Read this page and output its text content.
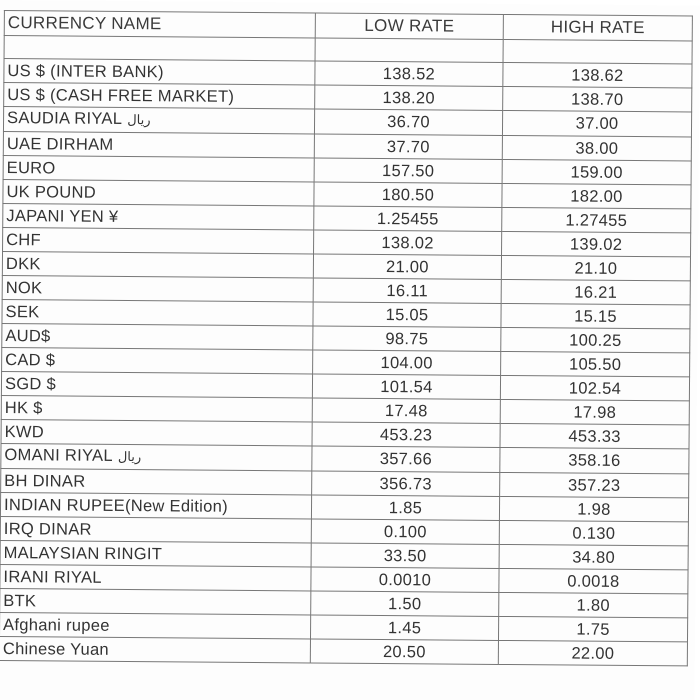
CURRENCY NAME	LOW RATE	HIGH RATE

US $ (INTER BANK)	138.52	138.62
US $ (CASH FREE MARKET)	138.20	138.70
SAUDIA RIYAL ریال	36.70	37.00
UAE DIRHAM	37.70	38.00
EURO	157.50	159.00
UK POUND	180.50	182.00
JAPANI YEN ¥	1.25455	1.27455
CHF	138.02	139.02
DKK	21.00	21.10
NOK	16.11	16.21
SEK	15.05	15.15
AUD$	98.75	100.25
CAD $	104.00	105.50
SGD $	101.54	102.54
HK $	17.48	17.98
KWD	453.23	453.33
OMANI RIYAL ریال	357.66	358.16
BH DINAR	356.73	357.23
INDIAN RUPEE(New Edition)	1.85	1.98
IRQ DINAR	0.100	0.130
MALAYSIAN RINGIT	33.50	34.80
IRANI RIYAL	0.0010	0.0018
BTK	1.50	1.80
Afghani rupee	1.45	1.75
Chinese Yuan	20.50	22.00
